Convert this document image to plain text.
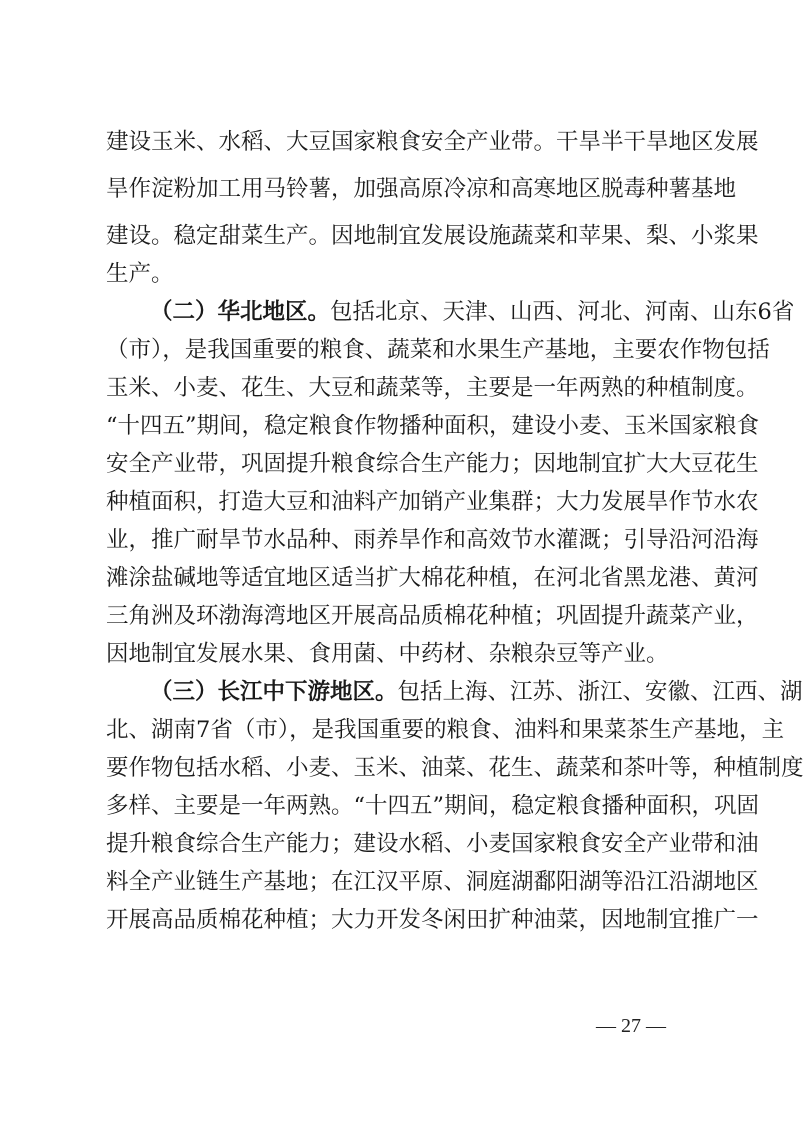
建设玉米、水稻、大豆国家粮食安全产业带。干旱半干旱地区发展
旱作淀粉加工用马铃薯，加强高原冷凉和高寒地区脱毒种薯基地
建设。稳定甜菜生产。因地制宜发展设施蔬菜和苹果、梨、小浆果
生产。
（二）华北地区。包括北京、天津、山西、河北、河南、山东6省
（市），是我国重要的粮食、蔬菜和水果生产基地，主要农作物包括
玉米、小麦、花生、大豆和蔬菜等，主要是一年两熟的种植制度。
“十四五”期间，稳定粮食作物播种面积，建设小麦、玉米国家粮食
安全产业带，巩固提升粮食综合生产能力；因地制宜扩大大豆花生
种植面积，打造大豆和油料产加销产业集群；大力发展旱作节水农
业，推广耐旱节水品种、雨养旱作和高效节水灌溉；引导沿河沿海
滩涂盐碱地等适宜地区适当扩大棉花种植，在河北省黑龙港、黄河
三角洲及环渤海湾地区开展高品质棉花种植；巩固提升蔬菜产业，
因地制宜发展水果、食用菌、中药材、杂粮杂豆等产业。
（三）长江中下游地区。包括上海、江苏、浙江、安徽、江西、湖
北、湖南7省（市），是我国重要的粮食、油料和果菜茶生产基地，主
要作物包括水稻、小麦、玉米、油菜、花生、蔬菜和茶叶等，种植制度
多样、主要是一年两熟。“十四五”期间，稳定粮食播种面积，巩固
提升粮食综合生产能力；建设水稻、小麦国家粮食安全产业带和油
料全产业链生产基地；在江汉平原、洞庭湖鄱阳湖等沿江沿湖地区
开展高品质棉花种植；大力开发冬闲田扩种油菜，因地制宜推广一
— 27 —
